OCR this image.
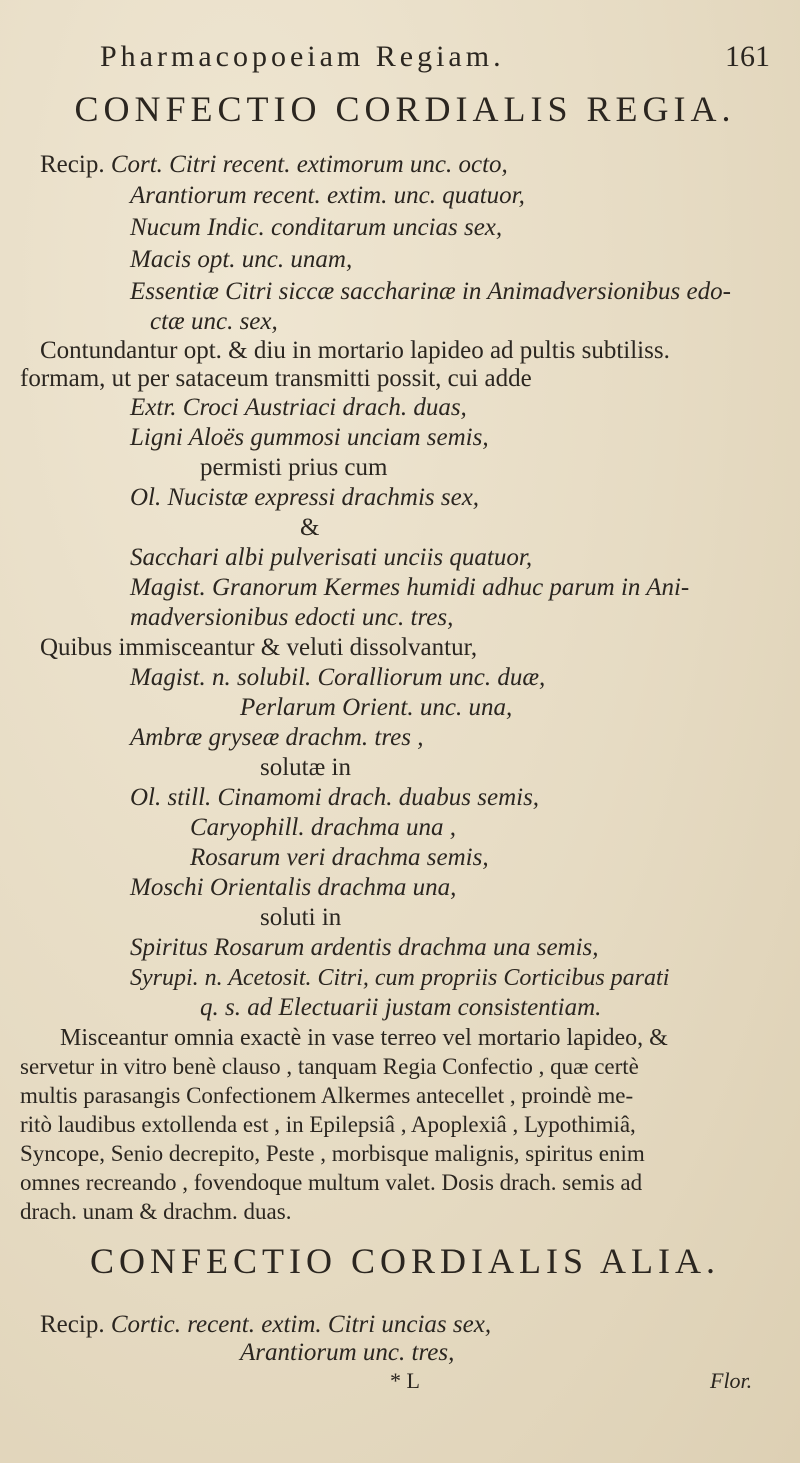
Pharmacopoeiam Regiam.	161
CONFECTIO CORDIALIS REGIA.
Recip. Cort. Citri recent. extimorum unc. octo,
Arantiorum recent. extim. unc. quatuor,
Nucum Indic. conditarum uncias sex,
Macis opt. unc. unam,
Essentiæ Citri siccæ saccharinæ in Animadversionibus edo-
ctæ unc. sex,
Contundantur opt. & diu in mortario lapideo ad pultis subtiliss.
formam, ut per sataceum transmitti possit, cui adde
Extr. Croci Austriaci drach. duas,
Ligni Aloës gummosi unciam semis,
permisti prius cum
Ol. Nucistæ expressi drachmis sex,
&
Sacchari albi pulverisati unciis quatuor,
Magist. Granorum Kermes humidi adhuc parum in Ani-
madversionibus edocti unc. tres,
Quibus immisceantur & veluti dissolvantur,
Magist. n. solubil. Coralliorum unc. duæ,
Perlarum Orient. unc. una,
Ambræ gryseæ drachm. tres ,
solutæ in
Ol. still. Cinamomi drach. duabus semis,
Caryophill. drachma una ,
Rosarum veri drachma semis,
Moschi Orientalis drachma una,
soluti in
Spiritus Rosarum ardentis drachma una semis,
Syrupi. n. Acetosit. Citri, cum propriis Corticibus parati
q. s. ad Electuarii justam consistentiam.
Misceantur omnia exactè in vase terreo vel mortario lapideo, &
servetur in vitro benè clauso , tanquam Regia Confectio , quæ certè
multis parasangis Confectionem Alkermes antecellet , proindè me-
ritò laudibus extollenda est , in Epilepsiâ , Apoplexiâ , Lypothimiâ,
Syncope, Senio decrepito, Peste , morbisque malignis, spiritus enim
omnes recreando , fovendoque multum valet. Dosis drach. semis ad
drach. unam & drachm. duas.
CONFECTIO CORDIALIS ALIA.
Recip. Cortic. recent. extim. Citri uncias sex,
Arantiorum unc. tres,
* L	Flor.
